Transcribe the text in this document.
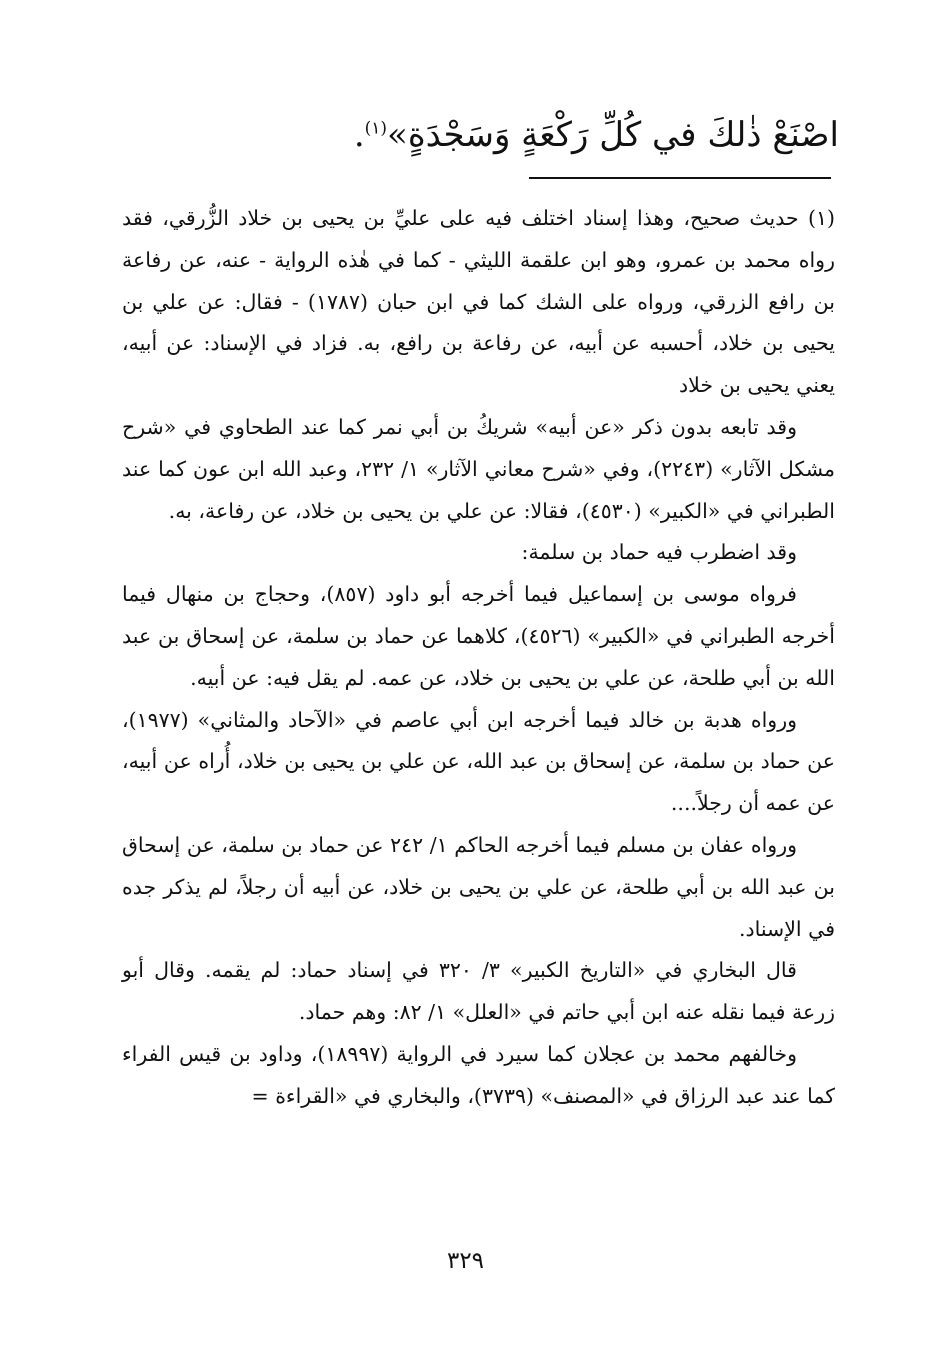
اصْنَعْ ذٰلكَ في كُلِّ رَكْعَةٍ وَسَجْدَةٍ»$^{(١)}$.

(١) حديث صحيح، وهذا إسناد اختلف فيه على عليِّ بن يحيى بن خلاد الزُّرقي، فقد رواه محمد بن عمرو، وهو ابن علقمة الليثي - كما في هٰذه الرواية - عنه، عن رفاعة بن رافع الزرقي، ورواه على الشك كما في ابن حبان (١٧٨٧) - فقال: عن علي بن يحيى بن خلاد، أحسبه عن أبيه، عن رفاعة بن رافع، به. فزاد في الإسناد: عن أبيه، يعني يحيى بن خلاد

وقد تابعه بدون ذكر «عن أبيه» شريكُ بن أبي نمر كما عند الطحاوي في «شرح مشكل الآثار» (٢٢٤٣)، وفي «شرح معاني الآثار» ١/ ٢٣٢، وعبد الله ابن عون كما عند الطبراني في «الكبير» (٤٥٣٠)، فقالا: عن علي بن يحيى بن خلاد، عن رفاعة، به.

وقد اضطرب فيه حماد بن سلمة:

فرواه موسى بن إسماعيل فيما أخرجه أبو داود (٨٥٧)، وحجاج بن منهال فيما أخرجه الطبراني في «الكبير» (٤٥٢٦)، كلاهما عن حماد بن سلمة، عن إسحاق بن عبد الله بن أبي طلحة، عن علي بن يحيى بن خلاد، عن عمه. لم يقل فيه: عن أبيه.

ورواه هدبة بن خالد فيما أخرجه ابن أبي عاصم في «الآحاد والمثاني» (١٩٧٧)، عن حماد بن سلمة، عن إسحاق بن عبد الله، عن علي بن يحيى بن خلاد، أُراه عن أبيه، عن عمه أن رجلاً....

ورواه عفان بن مسلم فيما أخرجه الحاكم ١/ ٢٤٢ عن حماد بن سلمة، عن إسحاق بن عبد الله بن أبي طلحة، عن علي بن يحيى بن خلاد، عن أبيه أن رجلاً، لم يذكر جده في الإسناد.

قال البخاري في «التاريخ الكبير» ٣/ ٣٢٠ في إسناد حماد: لم يقمه. وقال أبو زرعة فيما نقله عنه ابن أبي حاتم في «العلل» ١/ ٨٢: وهم حماد.

وخالفهم محمد بن عجلان كما سيرد في الرواية (١٨٩٩٧)، وداود بن قيس الفراء كما عند عبد الرزاق في «المصنف» (٣٧٣٩)، والبخاري في «القراءة =

٣٢٩
